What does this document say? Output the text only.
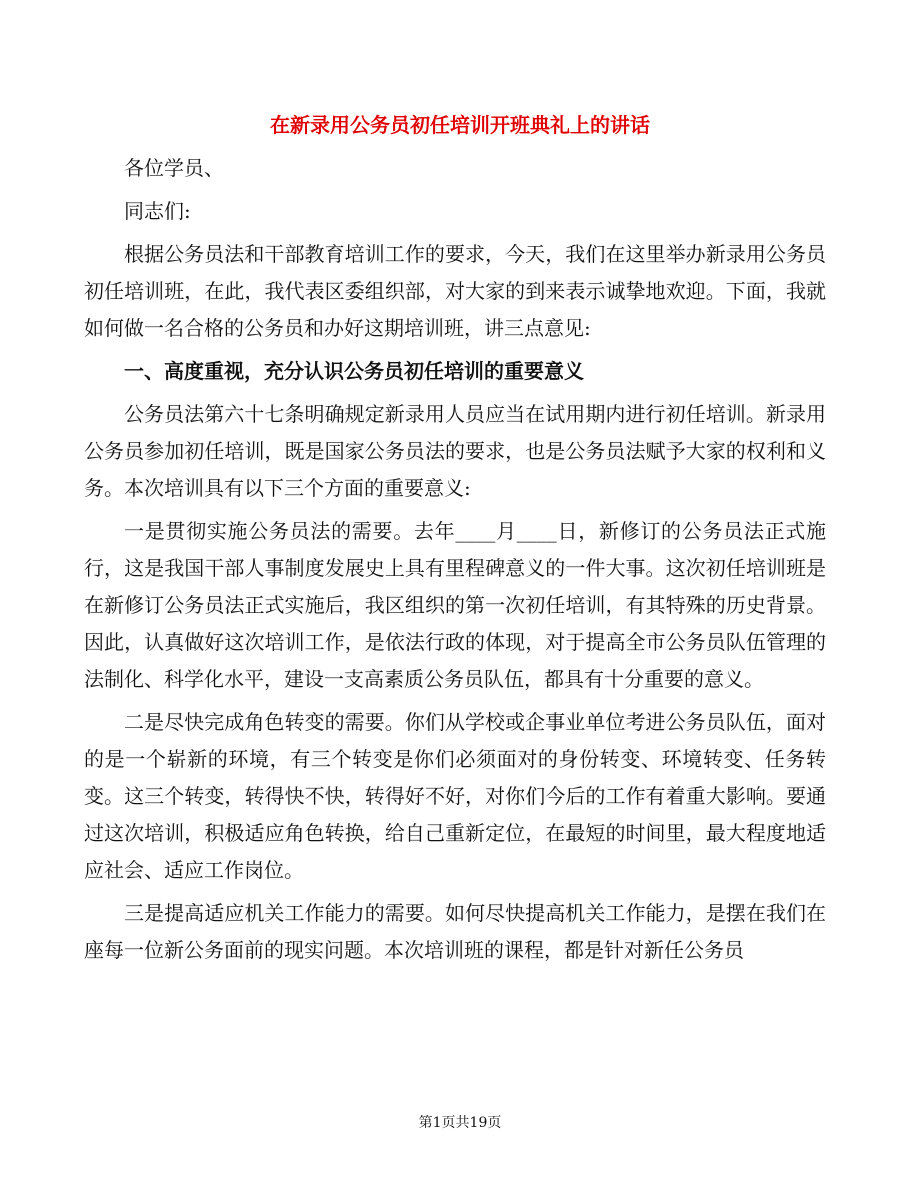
在新录用公务员初任培训开班典礼上的讲话

各位学员、

同志们:

根据公务员法和干部教育培训工作的要求，今天，我们在这里举办新录用公务员初任培训班，在此，我代表区委组织部，对大家的到来表示诚挚地欢迎。下面，我就如何做一名合格的公务员和办好这期培训班，讲三点意见:

一、高度重视，充分认识公务员初任培训的重要意义

公务员法第六十七条明确规定新录用人员应当在试用期内进行初任培训。新录用公务员参加初任培训，既是国家公务员法的要求，也是公务员法赋予大家的权利和义务。本次培训具有以下三个方面的重要意义:

一是贯彻实施公务员法的需要。去年____月____日，新修订的公务员法正式施行，这是我国干部人事制度发展史上具有里程碑意义的一件大事。这次初任培训班是在新修订公务员法正式实施后，我区组织的第一次初任培训，有其特殊的历史背景。因此，认真做好这次培训工作，是依法行政的体现，对于提高全市公务员队伍管理的法制化、科学化水平，建设一支高素质公务员队伍，都具有十分重要的意义。

二是尽快完成角色转变的需要。你们从学校或企事业单位考进公务员队伍，面对的是一个崭新的环境，有三个转变是你们必须面对的身份转变、环境转变、任务转变。这三个转变，转得快不快，转得好不好，对你们今后的工作有着重大影响。要通过这次培训，积极适应角色转换，给自己重新定位，在最短的时间里，最大程度地适应社会、适应工作岗位。

三是提高适应机关工作能力的需要。如何尽快提高机关工作能力，是摆在我们在座每一位新公务面前的现实问题。本次培训班的课程，都是针对新任公务员

第1页共19页
